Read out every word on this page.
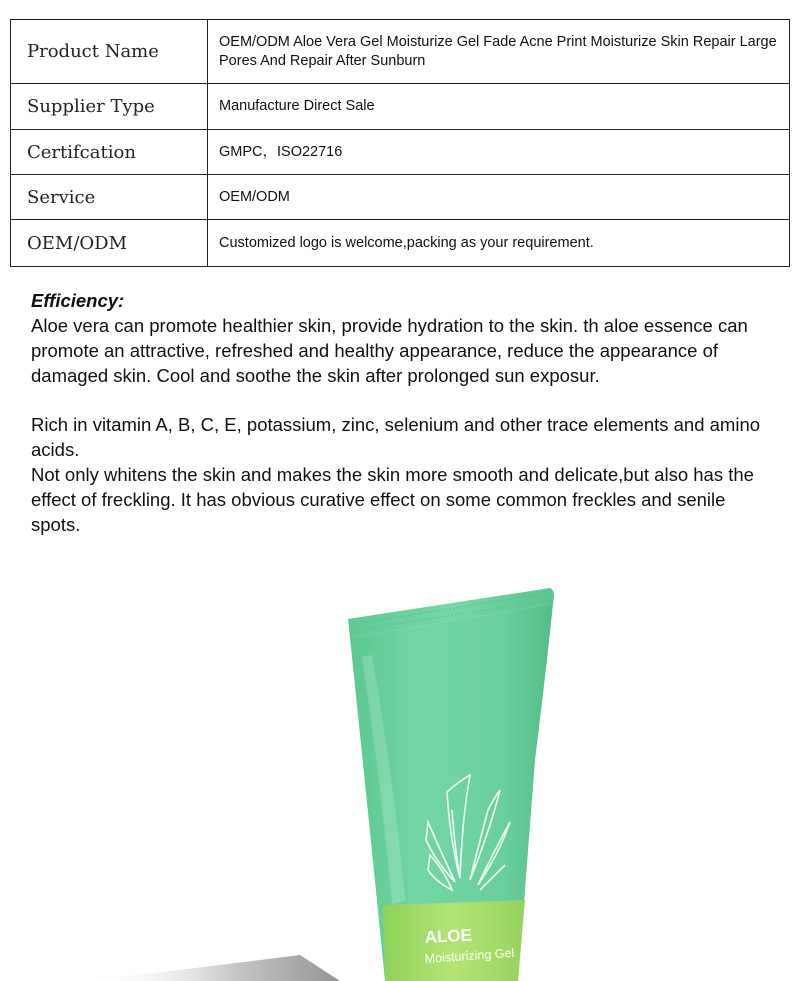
Product Name	OEM/ODM Aloe Vera Gel Moisturize Gel Fade Acne Print Moisturize Skin Repair Large Pores And Repair After Sunburn
Supplier Type	Manufacture Direct Sale
Certifcation	GMPC，ISO22716
Service	OEM/ODM
OEM/ODM	Customized logo is welcome,packing as your requirement.
Efficiency:

Aloe vera can promote healthier skin, provide hydration to the skin. th aloe essence can promote an attractive, refreshed and healthy appearance, reduce the appearance of damaged skin. Cool and soothe the skin after prolonged sun exposur.

Rich in vitamin A, B, C, E, potassium, zinc, selenium and other trace elements and amino acids.

Not only whitens the skin and makes the skin more smooth and delicate,but also has the effect of freckling. It has obvious curative effect on some common freckles and senile spots.

ALOE
Moisturizing Gel
